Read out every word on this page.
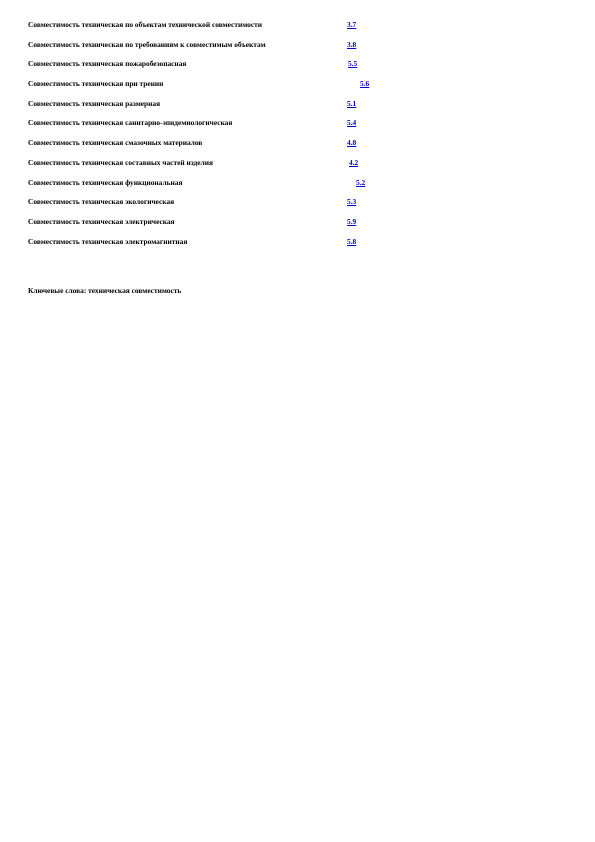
Совместимость техническая по объектам технической совместимости	3.7
Совместимость техническая по требованиям к совместимым объектам	3.8
Совместимость техническая пожаробезопасная	5.5
Совместимость техническая при трении	5.6
Совместимость техническая размерная	5.1
Совместимость техническая санитарно-эпидемиологическая	5.4
Совместимость техническая смазочных материалов	4.8
Совместимость техническая составных частей изделия	4.2
Совместимость техническая функциональная	5.2
Совместимость техническая экологическая	5.3
Совместимость техническая электрическая	5.9
Совместимость техническая электромагнитная	5.8
Ключевые слова: техническая совместимость
